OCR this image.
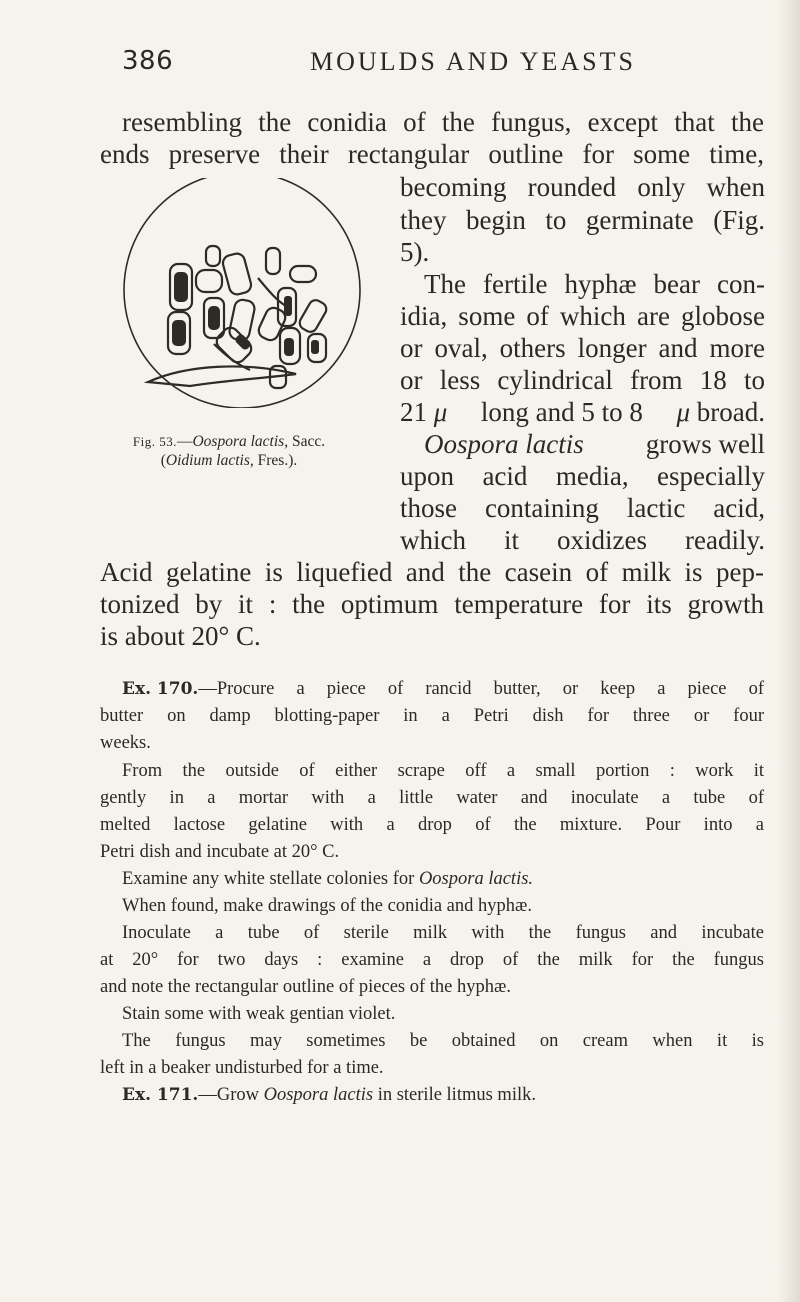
386	MOULDS AND YEASTS
resembling the conidia of the fungus, except that the
ends preserve their rectangular outline for some time,
Fig. 53.—Oospora lactis, Sacc.
(Oidium lactis, Fres.).
becoming rounded only when
they begin to germinate (Fig.
5).
The fertile hyphæ bear con-
idia, some of which are globose
or oval, others longer and more
or less cylindrical from 18 to
21 μ long and 5 to 8 μ broad.
Oospora lactis grows well
upon acid media, especially
those containing lactic acid,
which it oxidizes readily.
Acid gelatine is liquefied and the casein of milk is pep-
tonized by it : the optimum temperature for its growth
is about 20° C.
Ex. 170. —Procure a piece of rancid butter, or keep a piece of
butter on damp blotting-paper in a Petri dish for three or four
weeks.
From the outside of either scrape off a small portion : work it
gently in a mortar with a little water and inoculate a tube of
melted lactose gelatine with a drop of the mixture. Pour into a
Petri dish and incubate at 20° C.
Examine any white stellate colonies for Oospora lactis.
When found, make drawings of the conidia and hyphæ.
Inoculate a tube of sterile milk with the fungus and incubate
at 20° for two days : examine a drop of the milk for the fungus
and note the rectangular outline of pieces of the hyphæ.
Stain some with weak gentian violet.
The fungus may sometimes be obtained on cream when it is
left in a beaker undisturbed for a time.
Ex. 171.—Grow Oospora lactis in sterile litmus milk.
